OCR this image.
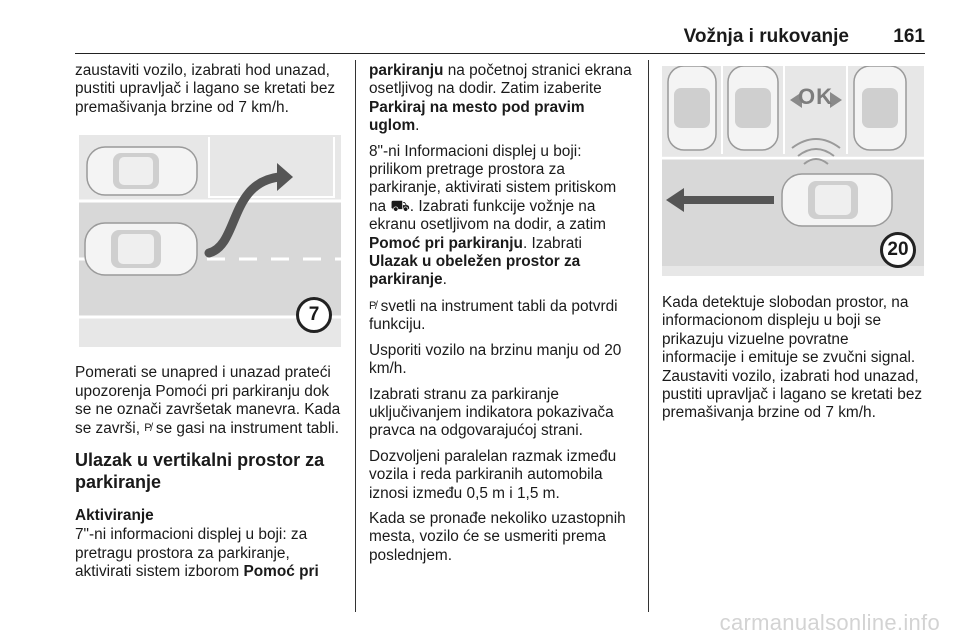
Vožnja i rukovanje 161

zaustaviti vozilo, izabrati hod unazad, pustiti upravljač i lagano se kretati bez premašivanja brzine od 7 km/h.

7

Pomerati se unapred i unazad prateći upozorenja Pomoći pri parkiranju dok se ne označi završetak manevra. Kada se završi, P̸ se gasi na instrument tabli.

Ulazak u vertikalni prostor za parkiranje
Aktiviranje

7"-ni informacioni displej u boji: za pretragu prostora za parkiranje, aktivirati sistem izborom Pomoć pri

parkiranju na početnoj stranici ekrana osetljivog na dodir. Zatim izaberite Parkiraj na mesto pod pravim uglom.

8"-ni Informacioni displej u boji: prilikom pretrage prostora za parkiranje, aktivirati sistem pritiskom na ⛟. Izabrati funkcije vožnje na ekranu osetljivom na dodir, a zatim Pomoć pri parkiranju. Izabrati Ulazak u obeležen prostor za parkiranje.

P̸ svetli na instrument tabli da potvrdi funkciju.

Usporiti vozilo na brzinu manju od 20 km/h.

Izabrati stranu za parkiranje uključivanjem indikatora pokazivača pravca na odgovarajućoj strani.

Dozvoljeni paralelan razmak između vozila i reda parkiranih automobila iznosi između 0,5 m i 1,5 m.

Kada se pronađe nekoliko uzastopnih mesta, vozilo će se usmeriti prema poslednjem.

OK
20

Kada detektuje slobodan prostor, na informacionom displeju u boji se prikazuju vizuelne povratne informacije i emituje se zvučni signal. Zaustaviti vozilo, izabrati hod unazad, pustiti upravljač i lagano se kretati bez premašivanja brzine od 7 km/h.

carmanualsonline.info
